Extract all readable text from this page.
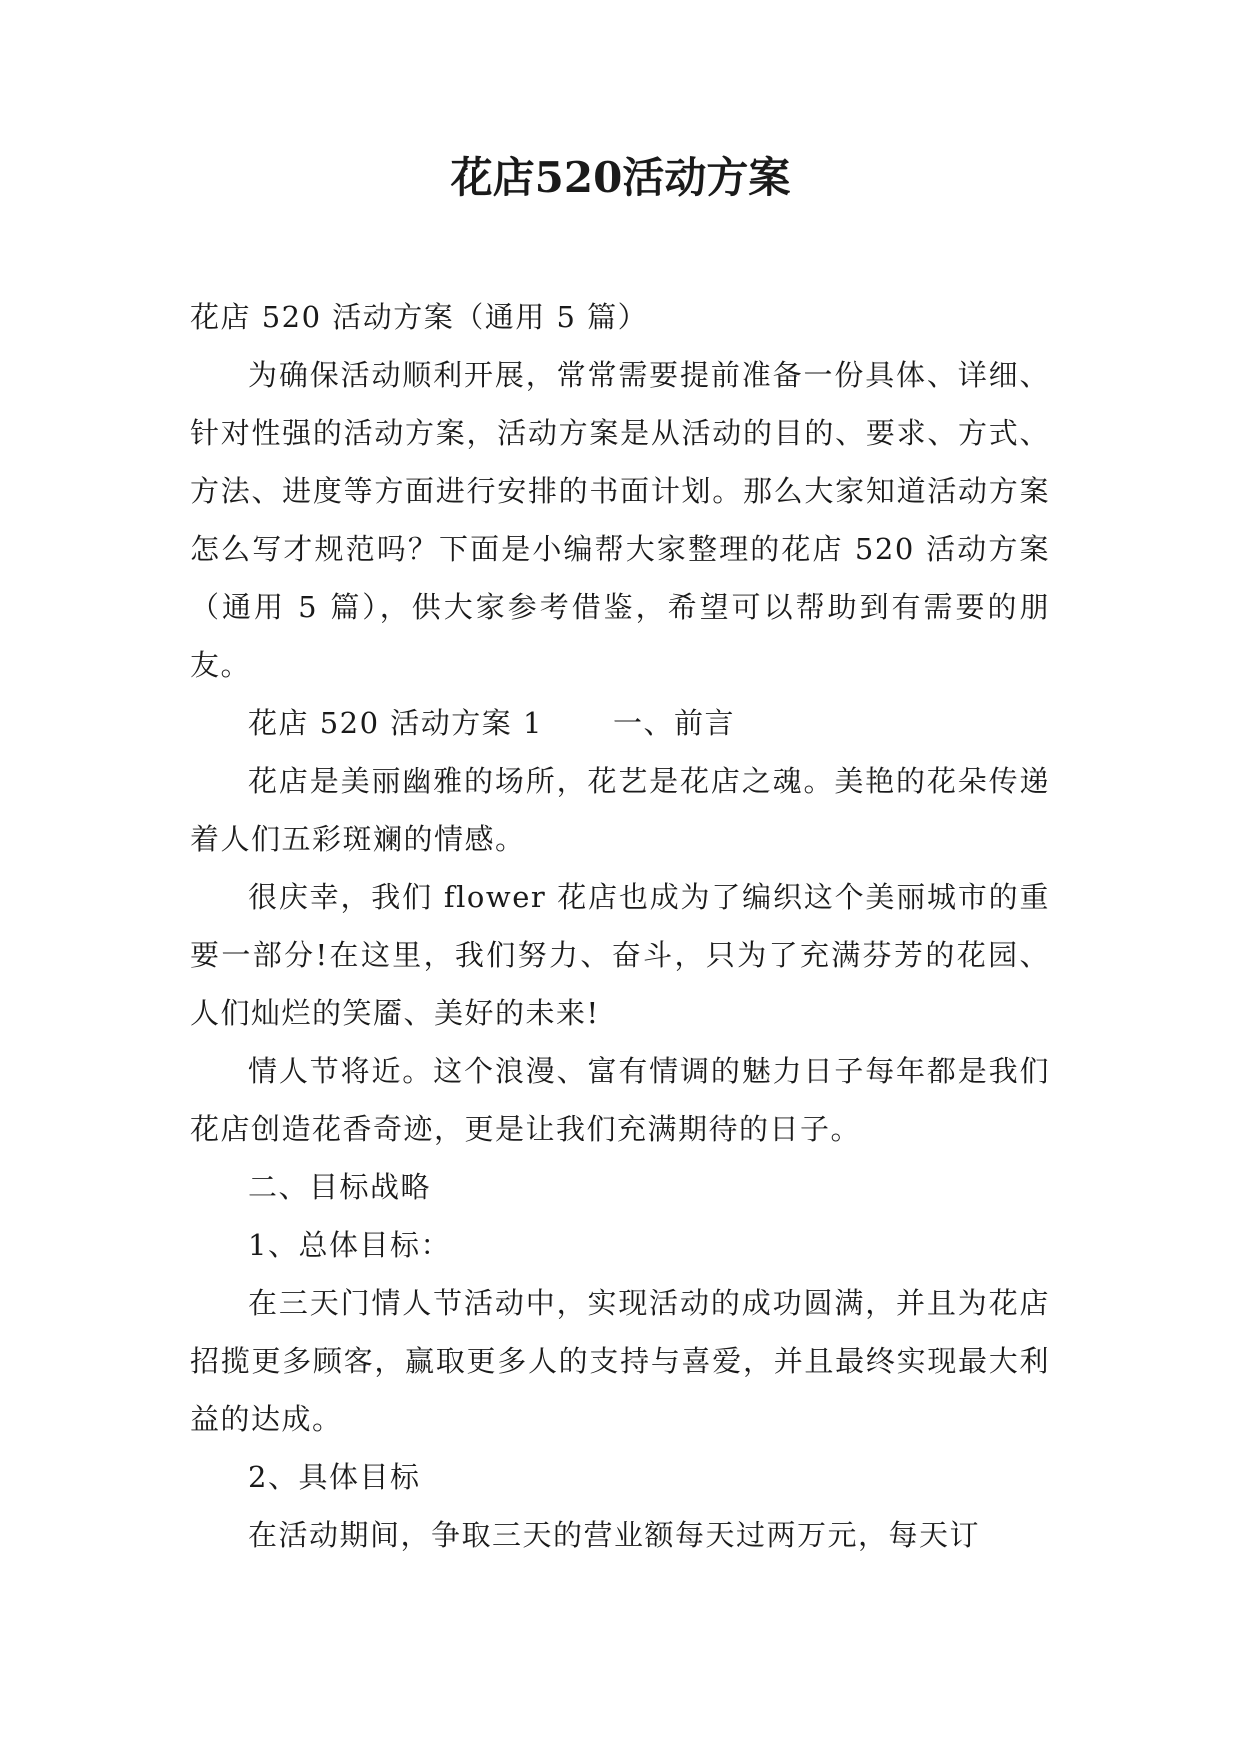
花店520活动方案

花店 520 活动方案（通用 5 篇）

为确保活动顺利开展，常常需要提前准备一份具体、详细、针对性强的活动方案，活动方案是从活动的目的、要求、方式、方法、进度等方面进行安排的书面计划。那么大家知道活动方案怎么写才规范吗？下面是小编帮大家整理的花店 520 活动方案（通用 5 篇），供大家参考借鉴，希望可以帮助到有需要的朋友。

花店 520 活动方案 1 一、前言

花店是美丽幽雅的场所，花艺是花店之魂。美艳的花朵传递着人们五彩斑斓的情感。

很庆幸，我们 flower 花店也成为了编织这个美丽城市的重要一部分!在这里，我们努力、奋斗，只为了充满芬芳的花园、人们灿烂的笑靥、美好的未来!

情人节将近。这个浪漫、富有情调的魅力日子每年都是我们花店创造花香奇迹，更是让我们充满期待的日子。

二、目标战略

1、总体目标：

在三天门情人节活动中，实现活动的成功圆满，并且为花店招揽更多顾客，赢取更多人的支持与喜爱，并且最终实现最大利益的达成。

2、具体目标

在活动期间，争取三天的营业额每天过两万元，每天订
